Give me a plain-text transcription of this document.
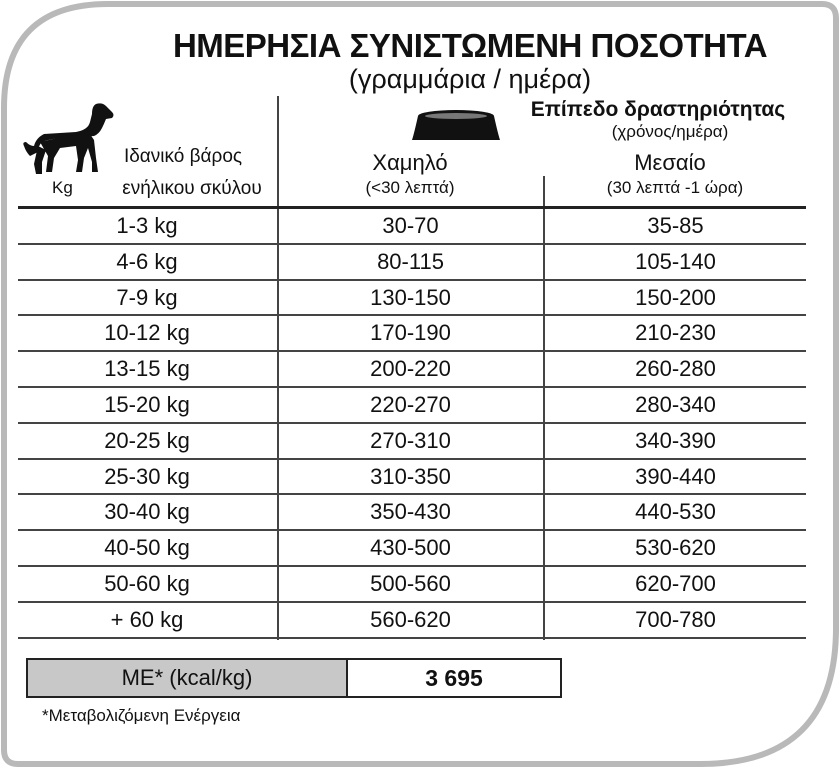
ΗΜΕΡΗΣΙΑ ΣΥΝΙΣΤΩΜΕΝΗ ΠΟΣΟΤΗΤΑ
(γραμμάρια / ημέρα)
Ιδανικό βάρος
Kg	ενήλικου σκύλου
Επίπεδο δραστηριότητας
(χρόνος/ημέρα)
Χαμηλό
(<30 λεπτά)
Μεσαίο
(30 λεπτά -1 ώρα)
1-3 kg	30-70	35-85
4-6 kg	80-115	105-140
7-9 kg	130-150	150-200
10-12 kg	170-190	210-230
13-15 kg	200-220	260-280
15-20 kg	220-270	280-340
20-25 kg	270-310	340-390
25-30 kg	310-350	390-440
30-40 kg	350-430	440-530
40-50 kg	430-500	530-620
50-60 kg	500-560	620-700
+ 60 kg	560-620	700-780
ME* (kcal/kg)	3 695
*Μεταβολιζόμενη Ενέργεια
